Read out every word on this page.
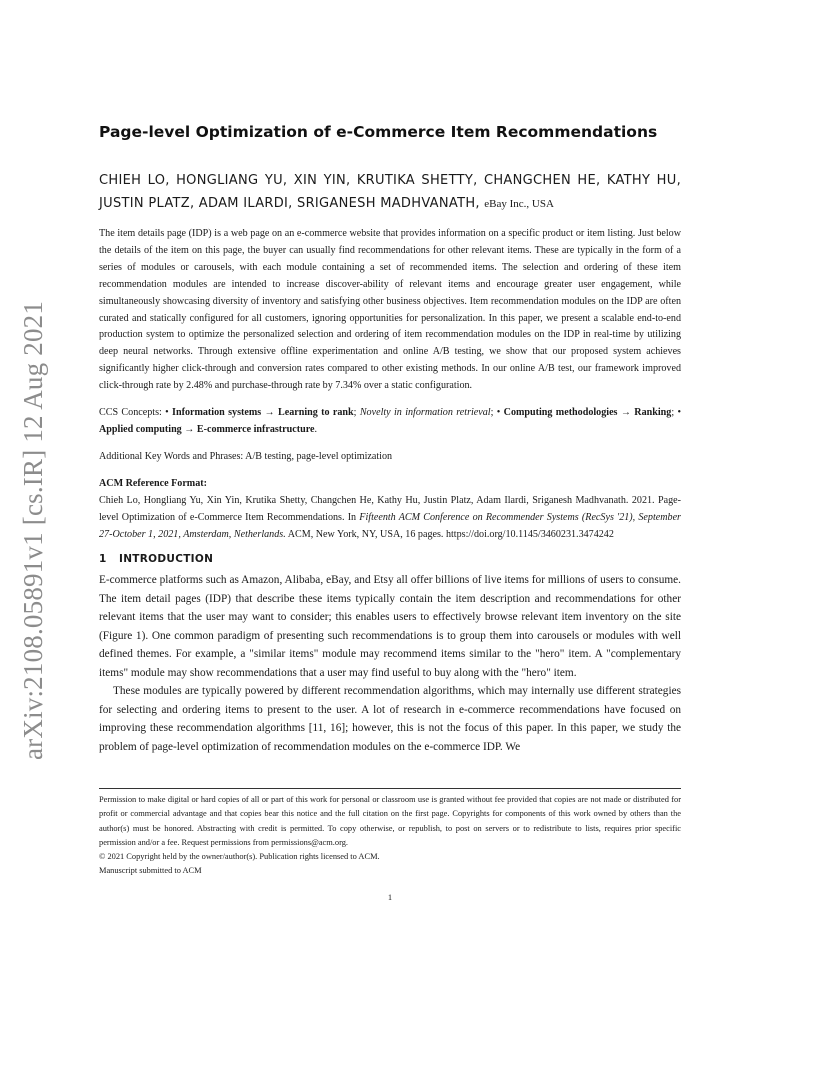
arXiv:2108.05891v1 [cs.IR] 12 Aug 2021
Page-level Optimization of e-Commerce Item Recommendations

CHIEH LO, HONGLIANG YU, XIN YIN, KRUTIKA SHETTY, CHANGCHEN HE, KATHY HU, JUSTIN PLATZ, ADAM ILARDI, SRIGANESH MADHVANATH, eBay Inc., USA

The item details page (IDP) is a web page on an e-commerce website that provides information on a specific product or item listing. Just below the details of the item on this page, the buyer can usually find recommendations for other relevant items. These are typically in the form of a series of modules or carousels, with each module containing a set of recommended items. The selection and ordering of these item recommendation modules are intended to increase discover-ability of relevant items and encourage greater user engagement, while simultaneously showcasing diversity of inventory and satisfying other business objectives. Item recommendation modules on the IDP are often curated and statically configured for all customers, ignoring opportunities for personalization. In this paper, we present a scalable end-to-end production system to optimize the personalized selection and ordering of item recommendation modules on the IDP in real-time by utilizing deep neural networks. Through extensive offline experimentation and online A/B testing, we show that our proposed system achieves significantly higher click-through and conversion rates compared to other existing methods. In our online A/B test, our framework improved click-through rate by 2.48% and purchase-through rate by 7.34% over a static configuration.

CCS Concepts: • Information systems → Learning to rank; Novelty in information retrieval; • Computing methodologies → Ranking; • Applied computing → E-commerce infrastructure.

Additional Key Words and Phrases: A/B testing, page-level optimization

ACM Reference Format:

Chieh Lo, Hongliang Yu, Xin Yin, Krutika Shetty, Changchen He, Kathy Hu, Justin Platz, Adam Ilardi, Sriganesh Madhvanath. 2021. Page-level Optimization of e-Commerce Item Recommendations. In Fifteenth ACM Conference on Recommender Systems (RecSys '21), September 27-October 1, 2021, Amsterdam, Netherlands. ACM, New York, NY, USA, 16 pages. https://doi.org/10.1145/3460231.3474242

1 INTRODUCTION

E-commerce platforms such as Amazon, Alibaba, eBay, and Etsy all offer billions of live items for millions of users to consume. The item detail pages (IDP) that describe these items typically contain the item description and recommendations for other relevant items that the user may want to consider; this enables users to effectively browse relevant item inventory on the site (Figure 1). One common paradigm of presenting such recommendations is to group them into carousels or modules with well defined themes. For example, a "similar items" module may recommend items similar to the "hero" item. A "complementary items" module may show recommendations that a user may find useful to buy along with the "hero" item.

These modules are typically powered by different recommendation algorithms, which may internally use different strategies for selecting and ordering items to present to the user. A lot of research in e-commerce recommendations have focused on improving these recommendation algorithms [11, 16]; however, this is not the focus of this paper. In this paper, we study the problem of page-level optimization of recommendation modules on the e-commerce IDP. We

Permission to make digital or hard copies of all or part of this work for personal or classroom use is granted without fee provided that copies are not made or distributed for profit or commercial advantage and that copies bear this notice and the full citation on the first page. Copyrights for components of this work owned by others than the author(s) must be honored. Abstracting with credit is permitted. To copy otherwise, or republish, to post on servers or to redistribute to lists, requires prior specific permission and/or a fee. Request permissions from permissions@acm.org.

© 2021 Copyright held by the owner/author(s). Publication rights licensed to ACM.

Manuscript submitted to ACM

1
